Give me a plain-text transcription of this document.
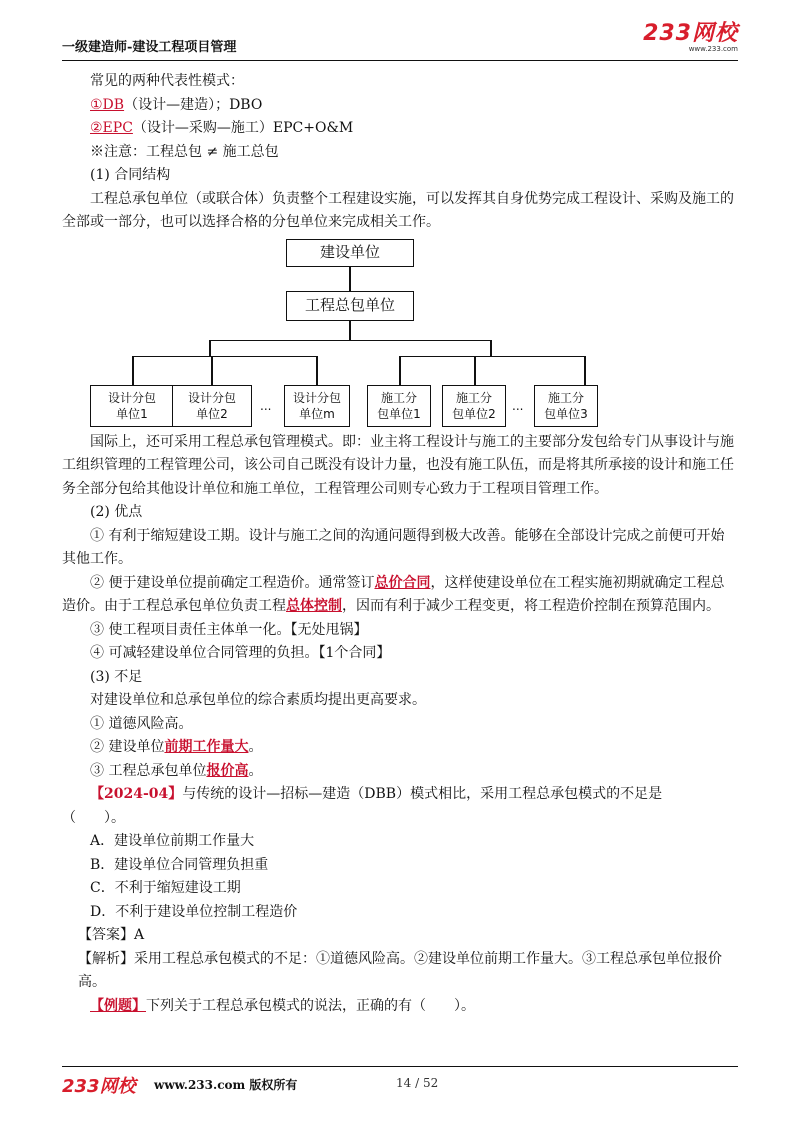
一级建造师-建设工程项目管理
233网校
www.233.com

常见的两种代表性模式：

①DB（设计—建造）；DBO

②EPC（设计—采购—施工）EPC+O&M

※注意：工程总包 ≠ 施工总包

(1) 合同结构

工程总承包单位（或联合体）负责整个工程建设实施，可以发挥其自身优势完成工程设计、采购及施工的全部或一部分，也可以选择合格的分包单位来完成相关工作。

建设单位
工程总包单位
设计分包
单位1
设计分包
单位2
...
设计分包
单位m
施工分
包单位1
施工分
包单位2
...
施工分
包单位3

国际上，还可采用工程总承包管理模式。即：业主将工程设计与施工的主要部分发包给专门从事设计与施工组织管理的工程管理公司，该公司自己既没有设计力量，也没有施工队伍，而是将其所承接的设计和施工任务全部分包给其他设计单位和施工单位，工程管理公司则专心致力于工程项目管理工作。

(2) 优点

① 有利于缩短建设工期。设计与施工之间的沟通问题得到极大改善。能够在全部设计完成之前便可开始其他工作。

② 便于建设单位提前确定工程造价。通常签订总价合同，这样使建设单位在工程实施初期就确定工程总造价。由于工程总承包单位负责工程总体控制，因而有利于减少工程变更，将工程造价控制在预算范围内。

③ 使工程项目责任主体单一化。【无处甩锅】

④ 可减轻建设单位合同管理的负担。【1个合同】

(3) 不足

对建设单位和总承包单位的综合素质均提出更高要求。

① 道德风险高。

② 建设单位前期工作量大。

③ 工程总承包单位报价高。

【2024-04】与传统的设计—招标—建造（DBB）模式相比，采用工程总承包模式的不足是

（　　）。

A．建设单位前期工作量大

B．建设单位合同管理负担重

C．不利于缩短建设工期

D．不利于建设单位控制工程造价

【答案】A

【解析】采用工程总承包模式的不足：①道德风险高。②建设单位前期工作量大。③工程总承包单位报价高。

【例题】下列关于工程总承包模式的说法，正确的有（　　）。

233网校 www.233.com 版权所有	14 / 52
